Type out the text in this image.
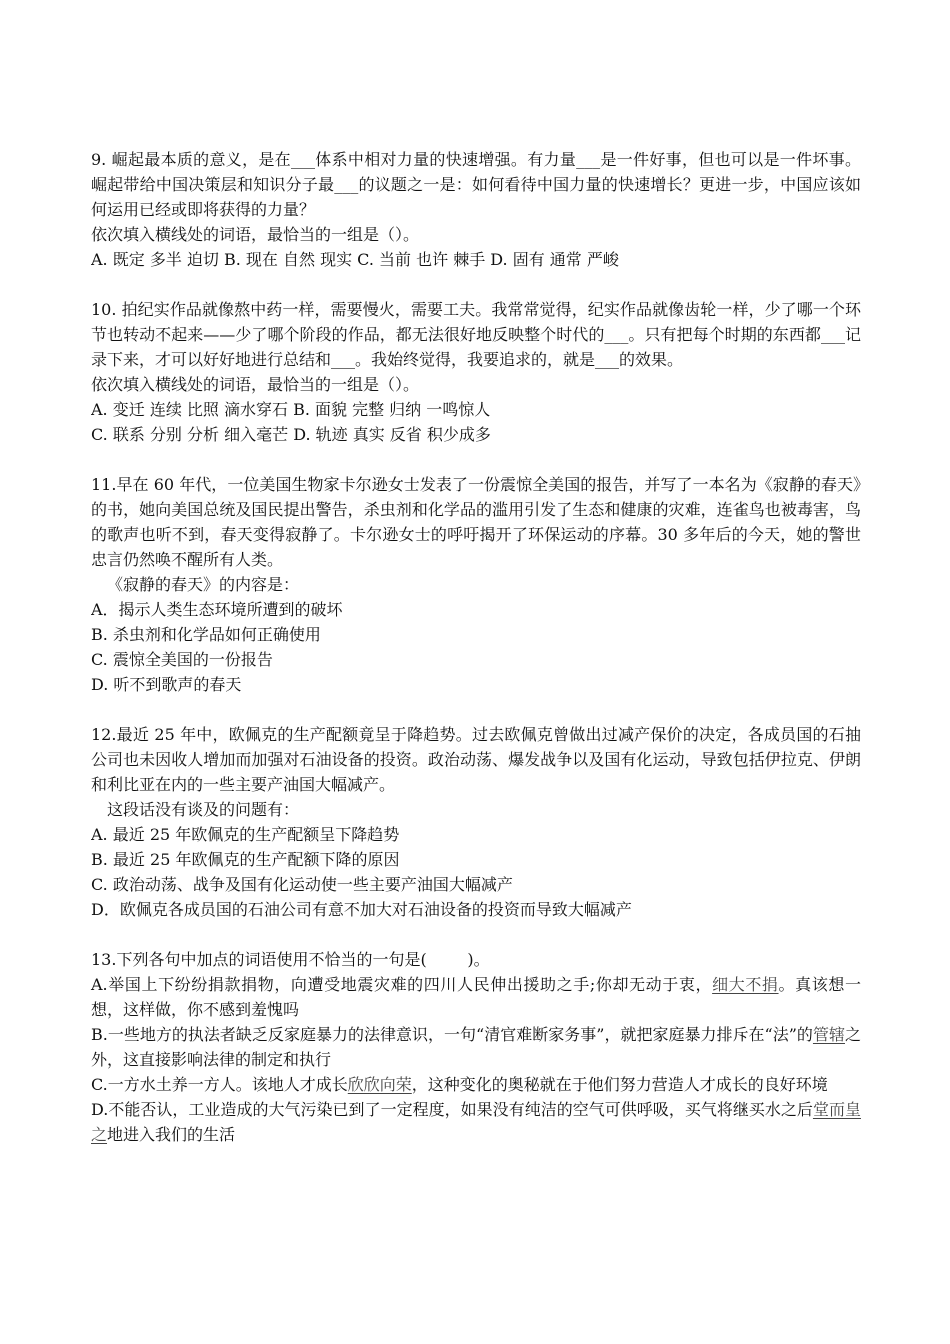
9. 崛起最本质的意义，是在___体系中相对力量的快速增强。有力量___是一件好事，但也可以是一件坏事。崛起带给中国决策层和知识分子最___的议题之一是：如何看待中国力量的快速增长？更进一步，中国应该如何运用已经或即将获得的力量？
依次填入横线处的词语，最恰当的一组是（）。
A. 既定 多半 迫切 B. 现在 自然 现实 C. 当前 也许 棘手 D. 固有 通常 严峻
10. 拍纪实作品就像熬中药一样，需要慢火，需要工夫。我常常觉得，纪实作品就像齿轮一样，少了哪一个环节也转动不起来——少了哪个阶段的作品，都无法很好地反映整个时代的___。只有把每个时期的东西都___记录下来，才可以好好地进行总结和___。我始终觉得，我要追求的，就是___的效果。
依次填入横线处的词语，最恰当的一组是（）。
A. 变迁 连续 比照 滴水穿石 B. 面貌 完整 归纳 一鸣惊人
C. 联系 分别 分析 细入毫芒 D. 轨迹 真实 反省 积少成多
11.早在 60 年代，一位美国生物家卡尔逊女士发表了一份震惊全美国的报告，并写了一本名为《寂静的春天》的书，她向美国总统及国民提出警告，杀虫剂和化学品的滥用引发了生态和健康的灾难，连雀鸟也被毒害，鸟的歌声也听不到，春天变得寂静了。卡尔逊女士的呼吁揭开了环保运动的序幕。30 多年后的今天，她的警世忠言仍然唤不醒所有人类。
《寂静的春天》的内容是：
A．揭示人类生态环境所遭到的破坏
B. 杀虫剂和化学品如何正确使用
C. 震惊全美国的一份报告
D. 听不到歌声的春天
12.最近 25 年中，欧佩克的生产配额竟呈于降趋势。过去欧佩克曾做出过减产保价的决定，各成员国的石抽公司也未因收人增加而加强对石油设备的投资。政治动荡、爆发战争以及国有化运动，导致包括伊拉克、伊朗和利比亚在内的一些主要产油国大幅减产。
这段话没有谈及的问题有：
A. 最近 25 年欧佩克的生产配额呈下降趋势
B. 最近 25 年欧佩克的生产配额下降的原因
C. 政治动荡、战争及国有化运动使一些主要产油国大幅减产
D．欧佩克各成员国的石油公司有意不加大对石油设备的投资而导致大幅减产
13.下列各句中加点的词语使用不恰当的一句是(        )。
A.举国上下纷纷捐款捐物，向遭受地震灾难的四川人民伸出援助之手;你却无动于衷，细大不捐。真该想一想，这样做，你不感到羞愧吗
B.一些地方的执法者缺乏反家庭暴力的法律意识，一句“清官难断家务事”，就把家庭暴力排斥在“法”的管辖之外，这直接影响法律的制定和执行
C.一方水土养一方人。该地人才成长欣欣向荣，这种变化的奥秘就在于他们努力营造人才成长的良好环境
D.不能否认，工业造成的大气污染已到了一定程度，如果没有纯洁的空气可供呼吸，买气将继买水之后堂而皇之地进入我们的生活
